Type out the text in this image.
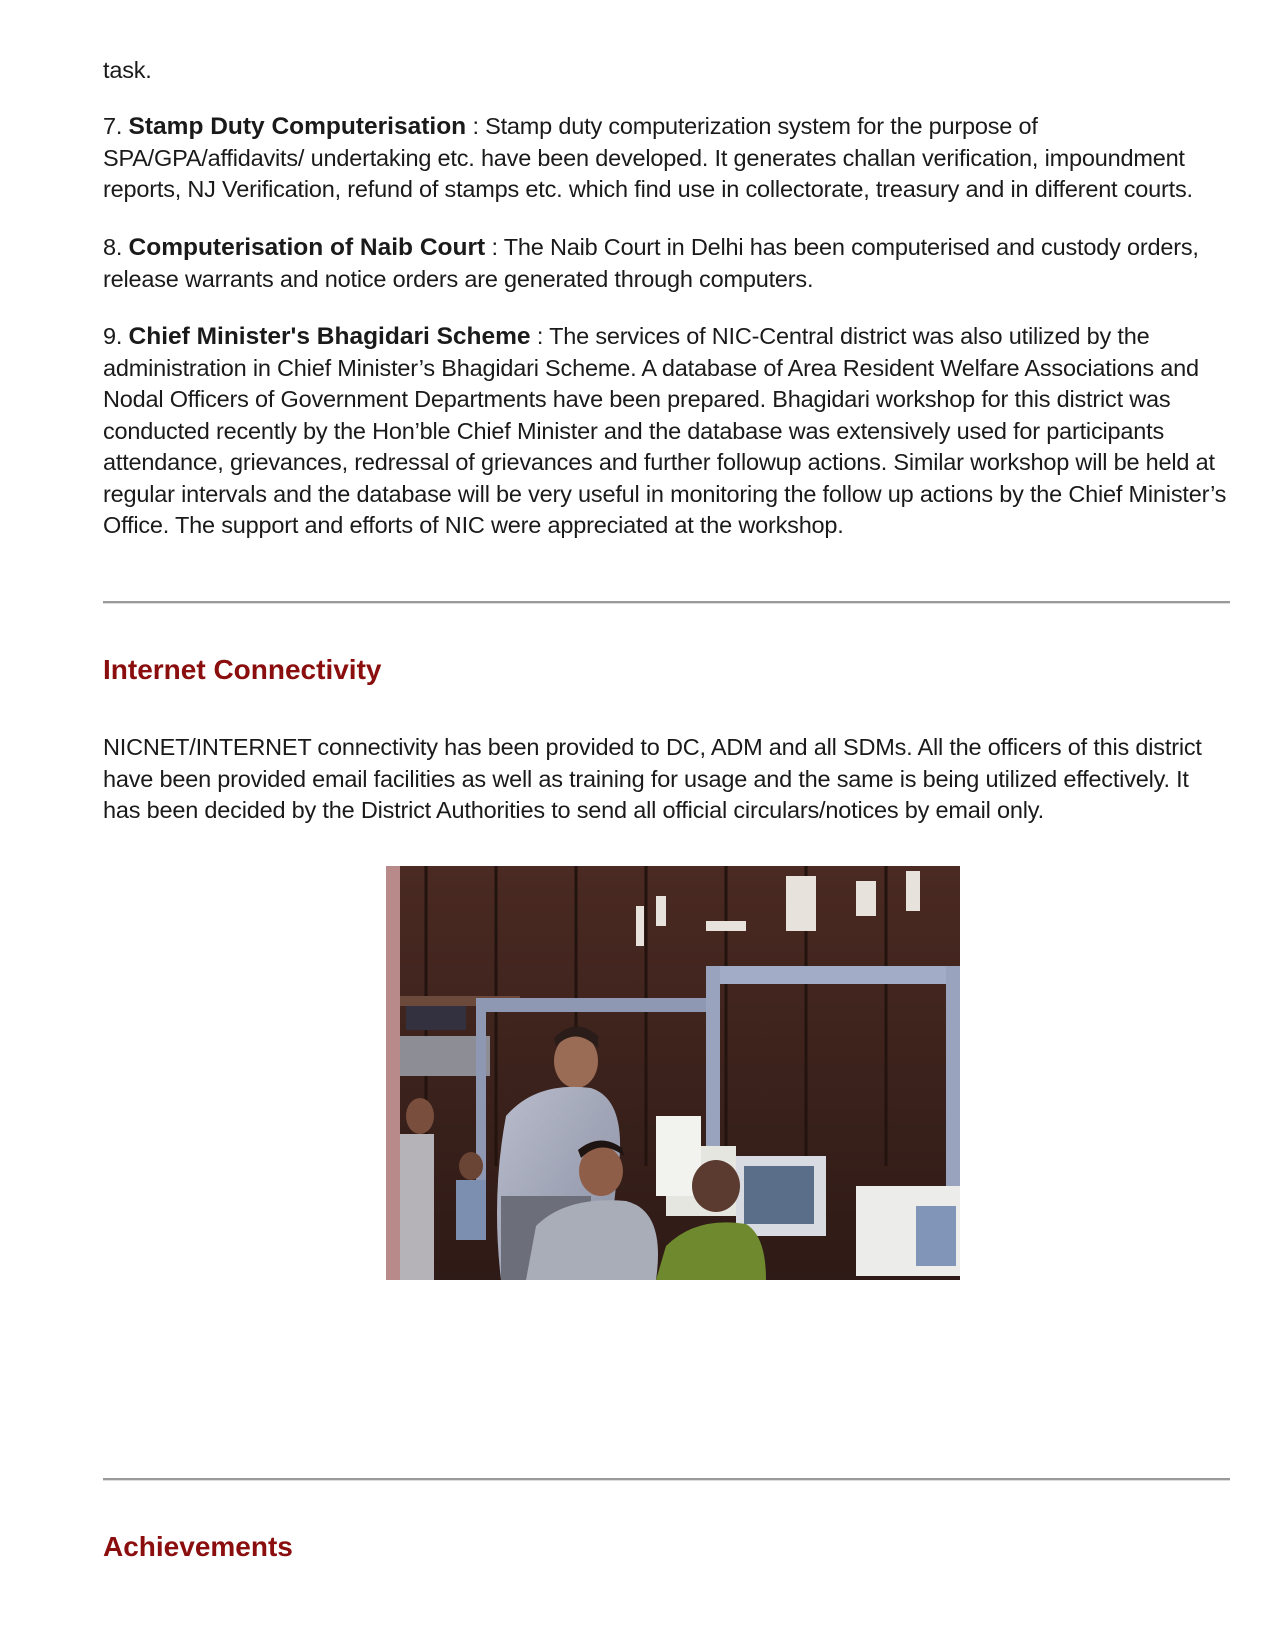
task.

7. Stamp Duty Computerisation : Stamp duty computerization system for the purpose of SPA/GPA/affidavits/ undertaking etc. have been developed. It generates challan verification, impoundment reports, NJ Verification, refund of stamps etc. which find use in collectorate, treasury and in different courts.

8. Computerisation of Naib Court : The Naib Court in Delhi has been computerised and custody orders, release warrants and notice orders are generated through computers.

9. Chief Minister's Bhagidari Scheme : The services of NIC-Central district was also utilized by the administration in Chief Minister’s Bhagidari Scheme. A database of Area Resident Welfare Associations and Nodal Officers of Government Departments have been prepared. Bhagidari workshop for this district was conducted recently by the Hon’ble Chief Minister and the database was extensively used for participants attendance, grievances, redressal of grievances and further followup actions. Similar workshop will be held at regular intervals and the database will be very useful in monitoring the follow up actions by the Chief Minister’s Office. The support and efforts of NIC were appreciated at the workshop.

Internet Connectivity

NICNET/INTERNET connectivity has been provided to DC, ADM and all SDMs. All the officers of this district have been provided email facilities as well as training for usage and the same is being utilized effectively. It has been decided by the District Authorities to send all official circulars/notices by email only.

Achievements
